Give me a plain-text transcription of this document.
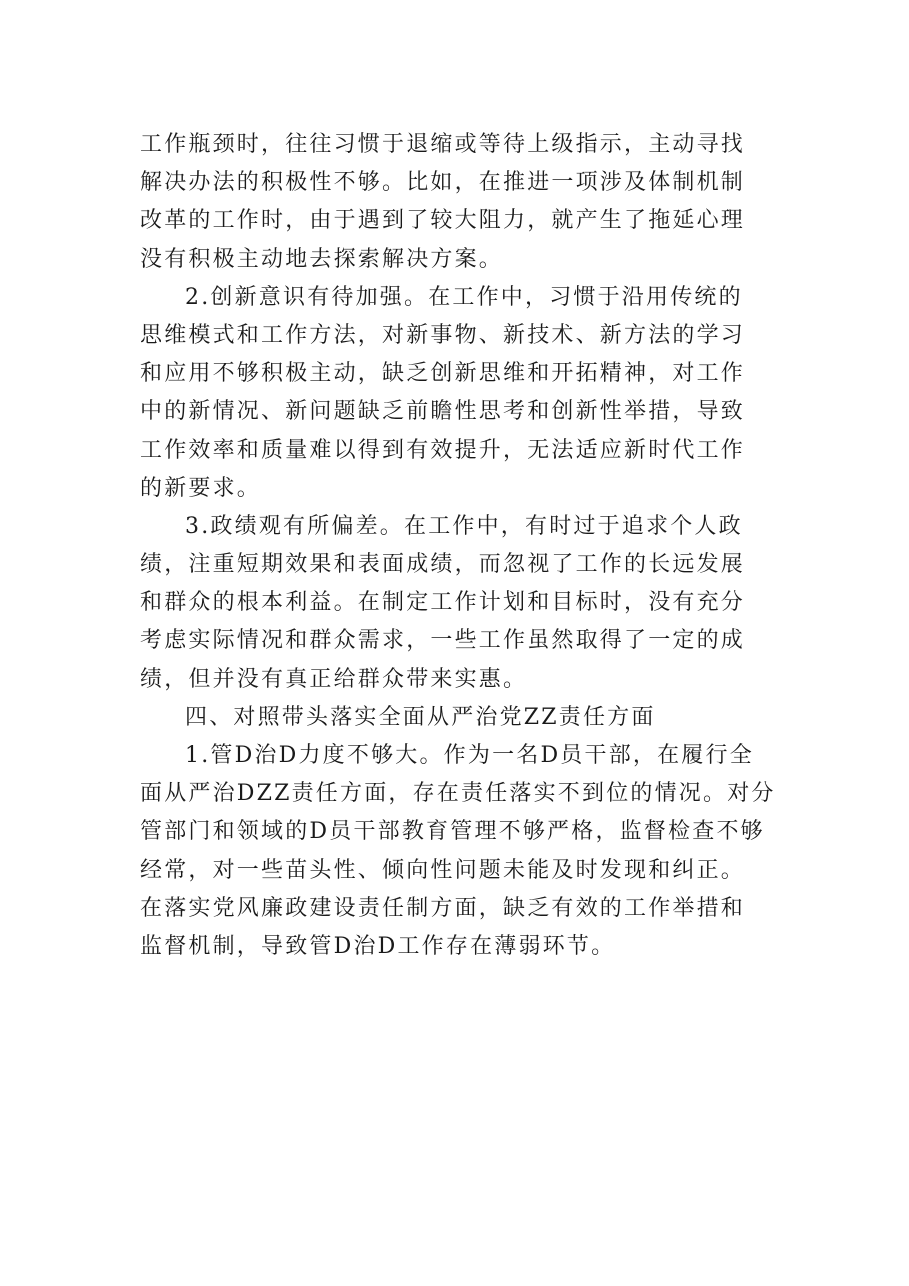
工作瓶颈时，往往习惯于退缩或等待上级指示，主动寻找
解决办法的积极性不够。比如，在推进一项涉及体制机制
改革的工作时，由于遇到了较大阻力，就产生了拖延心理
没有积极主动地去探索解决方案。
2.创新意识有待加强。在工作中，习惯于沿用传统的
思维模式和工作方法，对新事物、新技术、新方法的学习
和应用不够积极主动，缺乏创新思维和开拓精神，对工作
中的新情况、新问题缺乏前瞻性思考和创新性举措，导致
工作效率和质量难以得到有效提升，无法适应新时代工作
的新要求。
3.政绩观有所偏差。在工作中，有时过于追求个人政
绩，注重短期效果和表面成绩，而忽视了工作的长远发展
和群众的根本利益。在制定工作计划和目标时，没有充分
考虑实际情况和群众需求，一些工作虽然取得了一定的成
绩，但并没有真正给群众带来实惠。
四、对照带头落实全面从严治党ZZ责任方面
1.管D治D力度不够大。作为一名D员干部，在履行全
面从严治DZZ责任方面，存在责任落实不到位的情况。对分
管部门和领域的D员干部教育管理不够严格，监督检查不够
经常，对一些苗头性、倾向性问题未能及时发现和纠正。
在落实党风廉政建设责任制方面，缺乏有效的工作举措和
监督机制，导致管D治D工作存在薄弱环节。
